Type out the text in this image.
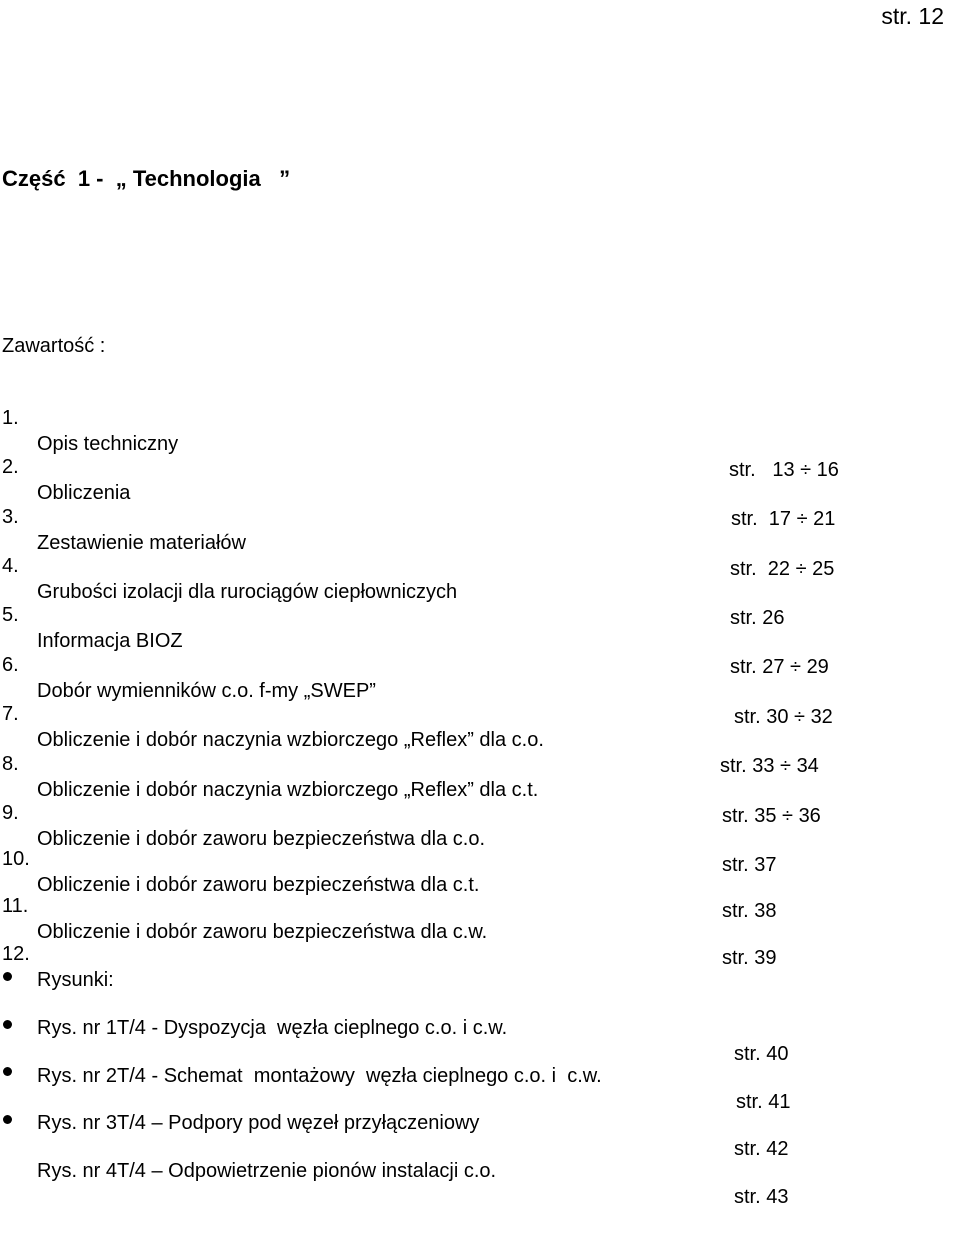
str. 12
Część  1 -  „ Technologia   ”
Zawartość :

1.

Opis techniczny

str.   13 ÷ 16

2.

Obliczenia

str.  17 ÷ 21

3.

Zestawienie materiałów

str.  22 ÷ 25

4.

Grubości izolacji dla rurociągów ciepłowniczych

str. 26

5.

Informacja BIOZ

str. 27 ÷ 29

6.

Dobór wymienników c.o. f-my „SWEP”

str. 30 ÷ 32

7.

Obliczenie i dobór naczynia wzbiorczego „Reflex” dla c.o.

str. 33 ÷ 34

8.

Obliczenie i dobór naczynia wzbiorczego „Reflex” dla c.t.

str. 35 ÷ 36

9.

Obliczenie i dobór zaworu bezpieczeństwa dla c.o.

str. 37

10.

Obliczenie i dobór zaworu bezpieczeństwa dla c.t.

str. 38

11.

Obliczenie i dobór zaworu bezpieczeństwa dla c.w.

str. 39

12.

Rysunki:

Rys. nr 1T/4 - Dyspozycja  węzła cieplnego c.o. i c.w.

str. 40

Rys. nr 2T/4 - Schemat  montażowy  węzła cieplnego c.o. i  c.w.

str. 41

Rys. nr 3T/4 – Podpory pod węzeł przyłączeniowy

str. 42

Rys. nr 4T/4 – Odpowietrzenie pionów instalacji c.o.

str. 43
